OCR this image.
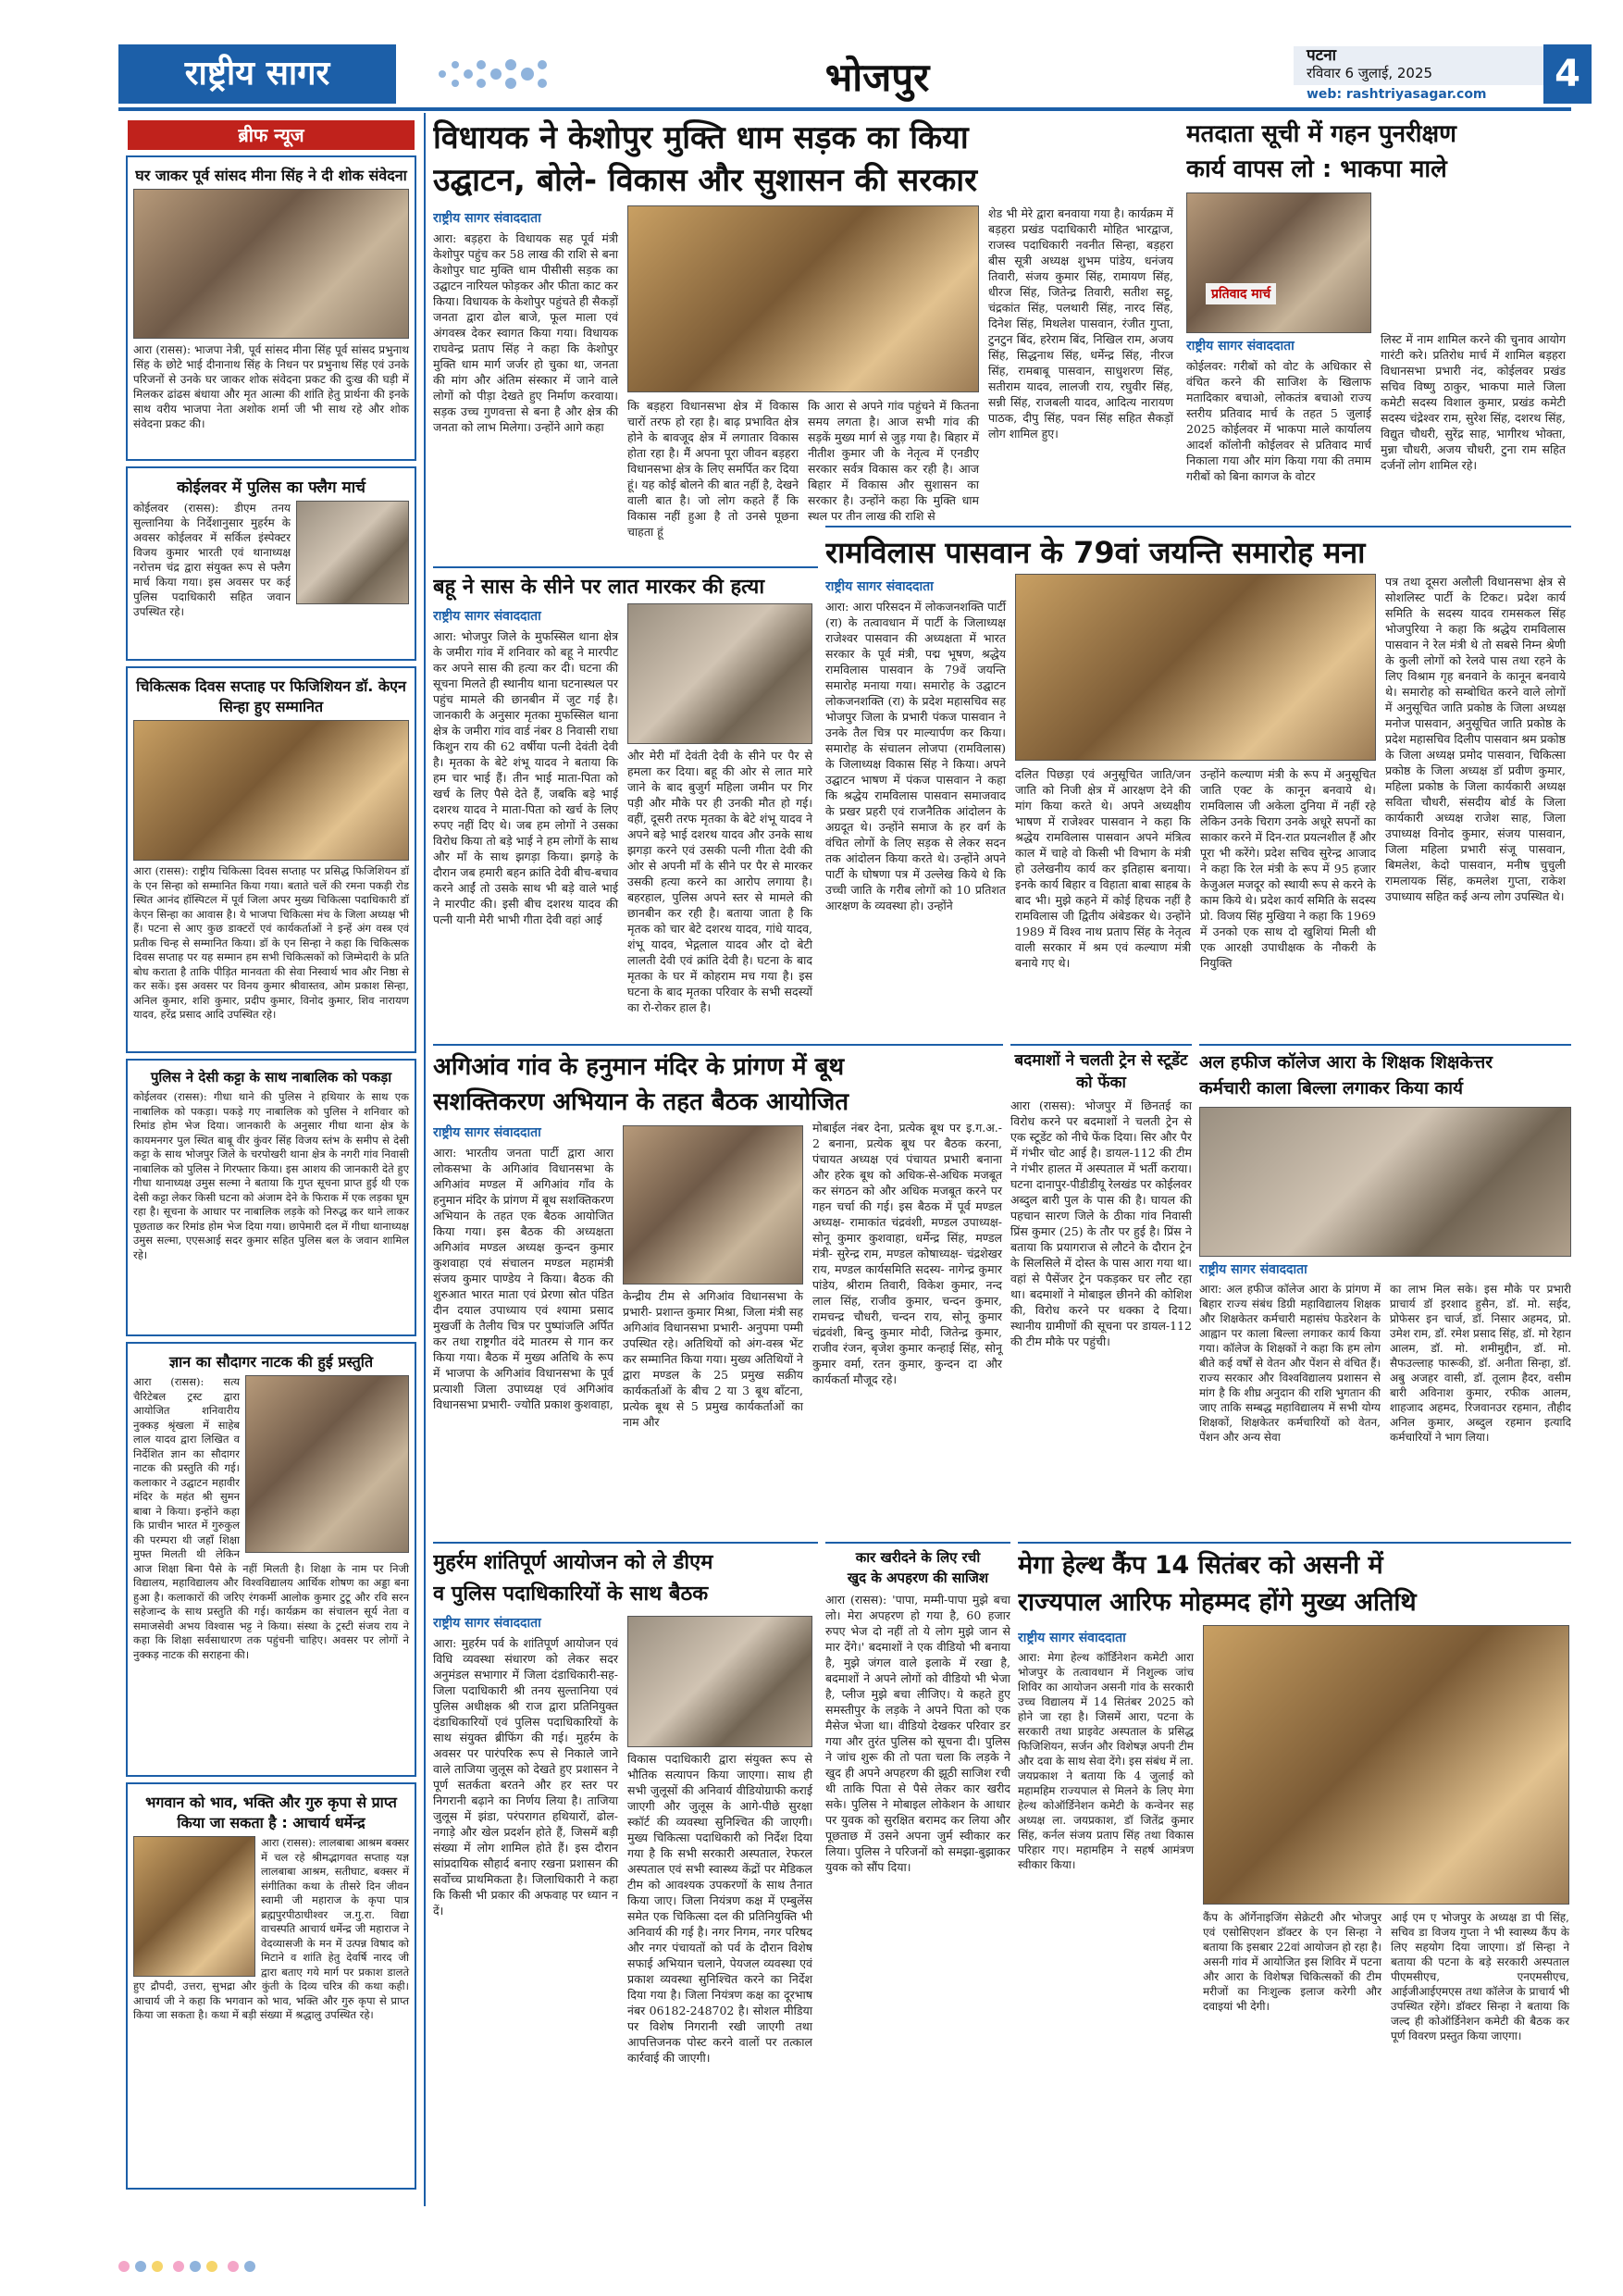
राष्ट्रीय सागर	भोजपुर	पटना
रविवार 6 जुलाई, 2025
web: rashtriyasagar.com	4
ब्रीफ न्यूज
घर जाकर पूर्व सांसद मीना सिंह ने दी शोक संवेदना

आरा (रासस): भाजपा नेत्री, पूर्व सांसद मीना सिंह पूर्व सांसद प्रभुनाथ सिंह के छोटे भाई दीनानाथ सिंह के निधन पर प्रभुनाथ सिंह एवं उनके परिजनों से उनके घर जाकर शोक संवेदना प्रकट की दुःख की घड़ी में मिलकर ढांढस बंधाया और मृत आत्मा की शांति हेतु प्रार्थना की इनके साथ वरीय भाजपा नेता अशोक शर्मा जी भी साथ रहे और शोक संवेदना प्रकट की।

कोईलवर में पुलिस का फ्लैग मार्च

कोईलवर (रासस): डीएम तनय सुल्तानिया के निर्देशानुसार मुहर्रम के अवसर कोईलवर में सर्किल इंस्पेक्टर विजय कुमार भारती एवं थानाध्यक्ष नरोत्तम चंद्र द्वारा संयुक्त रूप से फ्लैग मार्च किया गया। इस अवसर पर कई पुलिस पदाधिकारी सहित जवान उपस्थित रहे।

चिकित्सक दिवस सप्ताह पर फिजिशियन डॉ. केएन सिन्हा हुए सम्मानित

आरा (रासस): राष्ट्रीय चिकित्सा दिवस सप्ताह पर प्रसिद्ध फिजिशियन डॉ के एन सिन्हा को सम्मानित किया गया। बताते चलें की रमना पकड़ी रोड स्थित आनंद हॉस्पिटल में पूर्व जिला अपर मुख्य चिकित्सा पदाधिकारी डॉ केएन सिन्हा का आवास है। ये भाजपा चिकित्सा मंच के जिला अध्यक्ष भी हैं। पटना से आए कुछ डाक्टरों एवं कार्यकर्ताओं ने इन्हें अंग वस्त्र एवं प्रतीक चिन्ह से सम्मानित किया। डॉ के एन सिन्हा ने कहा कि चिकित्सक दिवस सप्ताह पर यह सम्मान हम सभी चिकित्सकों को जिम्मेदारी के प्रति बोध कराता है ताकि पीड़ित मानवता की सेवा निस्वार्थ भाव और निष्ठा से कर सकें। इस अवसर पर विनय कुमार श्रीवास्तव, ओम प्रकाश सिन्हा, अनिल कुमार, शशि कुमार, प्रदीप कुमार, विनोद कुमार, शिव नारायण यादव, हरेंद्र प्रसाद आदि उपस्थित रहे।

पुलिस ने देसी कट्टा के साथ नाबालिक को पकड़ा

कोईलवर (रासस): गीधा थाने की पुलिस ने हथियार के साथ एक नाबालिक को पकड़ा। पकड़े गए नाबालिक को पुलिस ने शनिवार को रिमांड होम भेज दिया। जानकारी के अनुसार गीधा थाना क्षेत्र के कायमनगर पुल स्थित बाबू वीर कुंवर सिंह विजय स्तंभ के समीप से देसी कट्टा के साथ भोजपुर जिले के चरपोखरी थाना क्षेत्र के नगरी गांव निवासी नाबालिक को पुलिस ने गिरफ्तार किया। इस आशय की जानकारी देते हुए गीधा थानाध्यक्ष उमुस सल्मा ने बताया कि गुप्त सूचना प्राप्त हुई थी एक देसी कट्टा लेकर किसी घटना को अंजाम देने के फिराक में एक लड़का घूम रहा है। सूचना के आधार पर नाबालिक लड़के को निरुद्ध कर थाने लाकर पूछताछ कर रिमांड होम भेज दिया गया। छापेमारी दल में गीधा थानाध्यक्ष उमुस सल्मा, एएसआई सदर कुमार सहित पुलिस बल के जवान शामिल रहे।

ज्ञान का सौदागर नाटक की हुई प्रस्तुति

आरा (रासस): सत्य चैरिटेबल ट्रस्ट द्वारा आयोजित शनिवारीय नुक्कड़ श्रृंखला में साहेब लाल यादव द्वारा लिखित व निर्देशित ज्ञान का सौदागर नाटक की प्रस्तुति की गई। कलाकार ने उद्घाटन महावीर मंदिर के महंत श्री सुमन बाबा ने किया। इन्होंने कहा कि प्राचीन भारत में गुरुकुल की परम्परा थी जहाँ शिक्षा मुफ्त मिलती थी लेकिन आज शिक्षा बिना पैसे के नहीं मिलती है। शिक्षा के नाम पर निजी विद्यालय, महाविद्यालय और विश्वविद्यालय आर्थिक शोषण का अड्डा बना हुआ है। कलाकारों की जरिए रंगकर्मी आलोक कुमार टुटू और रवि सरन सहेजान्द के साथ प्रस्तुति की गई। कार्यक्रम का संचालन सूर्य नेता व समाजसेवी अभय विश्वास भट्ट ने किया। संस्था के ट्रस्टी संजय राय ने कहा कि शिक्षा सर्वसाधारण तक पहुंचनी चाहिए। अवसर पर लोगों ने नुक्कड़ नाटक की सराहना की।

भगवान को भाव, भक्ति और गुरु कृपा से प्राप्त किया जा सकता है : आचार्य धर्मेन्द्र

आरा (रासस): लालबाबा आश्रम बक्सर में चल रहे श्रीमद्भागवत सप्ताह यज्ञ लालबाबा आश्रम, सतीघाट, बक्सर में संगीतिका कथा के तीसरे दिन जीवन स्वामी जी महाराज के कृपा पात्र ब्रह्मपुरपीठाधीश्वर ज.गु.रा. विद्या वाचस्पति आचार्य धर्मेन्द्र जी महाराज ने वेदव्यासजी के मन में उत्पन्न विषाद को मिटाने व शांति हेतु देवर्षि नारद जी द्वारा बताए गये मार्ग पर प्रकाश डालते हुए द्रौपदी, उत्तरा, सुभद्रा और कुंती के दिव्य चरित्र की कथा कही। आचार्य जी ने कहा कि भगवान को भाव, भक्ति और गुरु कृपा से प्राप्त किया जा सकता है। कथा में बड़ी संख्या में श्रद्धालु उपस्थित रहे।

विधायक ने केशोपुर मुक्ति धाम सड़क का किया
उद्घाटन, बोले- विकास और सुशासन की सरकार
राष्ट्रीय सागर संवाददाता

आरा: बड़हरा के विधायक सह पूर्व मंत्री केशोपुर पहुंच कर 58 लाख की राशि से बना केशोपुर घाट मुक्ति धाम पीसीसी सड़क का उद्घाटन नारियल फोड़कर और फीता काट कर किया। विधायक के केशोपुर पहुंचते ही सैकड़ों जनता द्वारा ढोल बाजे, फूल माला एवं अंगवस्त्र देकर स्वागत किया गया। विधायक राघवेन्द्र प्रताप सिंह ने कहा कि केशोपुर मुक्ति धाम मार्ग जर्जर हो चुका था, जनता की मांग और अंतिम संस्कार में जाने वाले लोगों को पीड़ा देखते हुए निर्माण करवाया। सड़क उच्च गुणवत्ता से बना है और क्षेत्र की जनता को लाभ मिलेगा। उन्होंने आगे कहा

कि बड़हरा विधानसभा क्षेत्र में विकास चारों तरफ हो रहा है। बाढ़ प्रभावित क्षेत्र होने के बावजूद क्षेत्र में लगातार विकास होता रहा है। मैं अपना पूरा जीवन बड़हरा विधानसभा क्षेत्र के लिए समर्पित कर दिया हूं। यह कोई बोलने की बात नहीं है, देखने वाली बात है। जो लोग कहते हैं कि विकास नहीं हुआ है तो उनसे पूछना चाहता हूं

कि आरा से अपने गांव पहुंचने में कितना समय लगता है। आज सभी गांव की सड़कें मुख्य मार्ग से जुड़ गया है। बिहार में नीतीश कुमार जी के नेतृत्व में एनडीए सरकार सर्वत्र विकास कर रही है। आज बिहार में विकास और सुशासन का सरकार है। उन्होंने कहा कि मुक्ति धाम स्थल पर तीन लाख की राशि से

शेड भी मेरे द्वारा बनवाया गया है। कार्यक्रम में बड़हरा प्रखंड पदाधिकारी मोहित भारद्वाज, राजस्व पदाधिकारी नवनीत सिन्हा, बड़हरा बीस सूत्री अध्यक्ष शुभम पांडेय, धनंजय तिवारी, संजय कुमार सिंह, रामायण सिंह, धीरज सिंह, जितेन्द्र तिवारी, सतीश सट्टू, चंद्रकांत सिंह, पलथारी सिंह, नारद सिंह, दिनेश सिंह, मिथलेश पासवान, रंजीत गुप्ता, टुनटुन बिंद, हरेराम बिंद, निखिल राम, अजय सिंह, सिद्धनाथ सिंह, धर्मेन्द्र सिंह, नीरज सिंह, रामबाबू पासवान, साधुशरण सिंह, सतीराम यादव, लालजी राय, रघुवीर सिंह, सन्नी सिंह, राजबली यादव, आदित्य नारायण पाठक, दीपु सिंह, पवन सिंह सहित सैकड़ों लोग शामिल हुए।

मतदाता सूची में गहन पुनरीक्षण
कार्य वापस लो : भाकपा माले
प्रतिवाद मार्च
राष्ट्रीय सागर संवाददाता

कोईलवर: गरीबों को वोट के अधिकार से वंचित करने की साजिश के खिलाफ मतादिकार बचाओ, लोकतंत्र बचाओ राज्य स्तरीय प्रतिवाद मार्च के तहत 5 जुलाई 2025 कोईलवर में भाकपा माले कार्यालय आदर्श कॉलोनी कोईलवर से प्रतिवाद मार्च निकाला गया और मांग किया गया की तमाम गरीबों को बिना कागज के वोटर

लिस्ट में नाम शामिल करने की चुनाव आयोग गारंटी करे। प्रतिरोध मार्च में शामिल बड़हरा विधानसभा प्रभारी नंद, कोईलवर प्रखंड सचिव विष्णु ठाकुर, भाकपा माले जिला कमेटी सदस्य विशाल कुमार, प्रखंड कमेटी सदस्य चंद्रेश्वर राम, सुरेश सिंह, दशरथ सिंह, विद्युत चौधरी, सुरेंद्र साह, भागीरथ भोक्ता, मुन्ना चौधरी, अजय चौधरी, टुना राम सहित दर्जनों लोग शामिल रहे।

बहू ने सास के सीने पर लात मारकर की हत्या
राष्ट्रीय सागर संवाददाता

आरा: भोजपुर जिले के मुफस्सिल थाना क्षेत्र के जमीरा गांव में शनिवार को बहू ने मारपीट कर अपने सास की हत्या कर दी। घटना की सूचना मिलते ही स्थानीय थाना घटनास्थल पर पहुंच मामले की छानबीन में जुट गई है। जानकारी के अनुसार मृतका मुफस्सिल थाना क्षेत्र के जमीरा गांव वार्ड नंबर 8 निवासी राधा किशुन राय की 62 वर्षीया पत्नी देवंती देवी है। मृतका के बेटे शंभू यादव ने बताया कि हम चार भाई हैं। तीन भाई माता-पिता को खर्च के लिए पैसे देते हैं, जबकि बड़े भाई दशरथ यादव ने माता-पिता को खर्च के लिए रुपए नहीं दिए थे। जब हम लोगों ने उसका विरोध किया तो बड़े भाई ने हम लोगों के साथ और माँ के साथ झगड़ा किया। झगड़े के दौरान जब हमारी बहन क्रांति देवी बीच-बचाव करने आईं तो उसके साथ भी बड़े वाले भाई ने मारपीट की। इसी बीच दशरथ यादव की पत्नी यानी मेरी भाभी गीता देवी वहां आई

और मेरी माँ देवंती देवी के सीने पर पैर से हमला कर दिया। बहू की ओर से लात मारे जाने के बाद बुजुर्ग महिला जमीन पर गिर पड़ी और मौके पर ही उनकी मौत हो गई। वहीं, दूसरी तरफ मृतका के बेटे शंभू यादव ने अपने बड़े भाई दशरथ यादव और उनके साथ झगड़ा करने एवं उसकी पत्नी गीता देवी की ओर से अपनी माँ के सीने पर पैर से मारकर उसकी हत्या करने का आरोप लगाया है। बहरहाल, पुलिस अपने स्तर से मामले की छानबीन कर रही है। बताया जाता है कि मृतक को चार बेटे दशरथ यादव, गांधे यादव, शंभू यादव, भेद्गलाल यादव और दो बेटी लालती देवी एवं क्रांति देवी है। घटना के बाद मृतका के घर में कोहराम मच गया है। इस घटना के बाद मृतका परिवार के सभी सदस्यों का रो-रोकर हाल है।

रामविलास पासवान के 79वां जयन्ति समारोह मना
राष्ट्रीय सागर संवाददाता

आरा: आरा परिसदन में लोकजनशक्ति पार्टी (रा) के तत्वावधान में पार्टी के जिलाध्यक्ष राजेश्वर पासवान की अध्यक्षता में भारत सरकार के पूर्व मंत्री, पद्म भूषण, श्रद्धेय रामविलास पासवान के 79वें जयन्ति समारोह मनाया गया। समारोह के उद्घाटन लोकजनशक्ति (रा) के प्रदेश महासचिव सह भोजपुर जिला के प्रभारी पंकज पासवान ने उनके तैल चित्र पर माल्यार्पण कर किया। समारोह के संचालन लोजपा (रामविलास) के जिलाध्यक्ष विकास सिंह ने किया। अपने उद्घाटन भाषण में पंकज पासवान ने कहा कि श्रद्धेय रामविलास पासवान समाजवाद के प्रखर प्रहरी एवं राजनैतिक आंदोलन के अग्रदूत थे। उन्होंने समाज के हर वर्ग के वंचित लोगों के लिए सड़क से लेकर सदन तक आंदोलन किया करते थे। उन्होंने अपने पार्टी के घोषणा पत्र में उल्लेख किये थे कि उच्ची जाति के गरीब लोगों को 10 प्रतिशत आरक्षण के व्यवस्था हो। उन्होंने

दलित पिछड़ा एवं अनुसूचित जाति/जन जाति को निजी क्षेत्र में आरक्षण देने की मांग किया करते थे। अपने अध्यक्षीय भाषण में राजेश्वर पासवान ने कहा कि श्रद्धेय रामविलास पासवान अपने मंत्रित्व काल में चाहे वो किसी भी विभाग के मंत्री हो उलेखनीय कार्य कर इतिहास बनाया। इनके कार्य बिहार व विहाता बाबा साहब के बाद भी। मुझे कहने में कोई हिचक नहीं है रामविलास जी द्वितीय अंबेडकर थे। उन्होंने 1989 में विश्व नाथ प्रताप सिंह के नेतृत्व वाली सरकार में श्रम एवं कल्याण मंत्री बनाये गए थे।

उन्होंने कल्याण मंत्री के रूप में अनुसूचित जाति एक्ट के कानून बनवाये थे। रामविलास जी अकेला दुनिया में नहीं रहे लेकिन उनके चिराग उनके अधूरे सपनों का साकार करने में दिन-रात प्रयत्नशील हैं और पूरा भी करेंगे। प्रदेश सचिव सुरेन्द्र आजाद ने कहा कि रेल मंत्री के रूप में 95 हजार केजुअल मजदूर को स्थायी रूप से करने के काम किये थे। प्रदेश कार्य समिति के सदस्य प्रो. विजय सिंह मुखिया ने कहा कि 1969 में उनको एक साथ दो खुशियां मिली थी एक आरक्षी उपाधीक्षक के नौकरी के नियुक्ति

पत्र तथा दूसरा अलौली विधानसभा क्षेत्र से सोशलिस्ट पार्टी के टिकट। प्रदेश कार्य समिति के सदस्य यादव रामसकल सिंह भोजपुरिया ने कहा कि श्रद्धेय रामविलास पासवान ने रेल मंत्री थे तो सबसे निम्न श्रेणी के कुली लोगों को रेलवे पास तथा रहने के लिए विश्राम गृह बनवाने के कानून बनवाये थे। समारोह को सम्बोधित करने वाले लोगों में अनुसूचित जाति प्रकोष्ठ के जिला अध्यक्ष मनोज पासवान, अनुसूचित जाति प्रकोष्ठ के प्रदेश महासचिव दिलीप पासवान श्रम प्रकोष्ठ के जिला अध्यक्ष प्रमोद पासवान, चिकित्सा प्रकोष्ठ के जिला अध्यक्ष डॉ प्रवीण कुमार, महिला प्रकोष्ठ के जिला कार्यकारी अध्यक्ष सविता चौधरी, संसदीय बोर्ड के जिला कार्यकारी अध्यक्ष राजेश साह, जिला उपाध्यक्ष विनोद कुमार, संजय पासवान, जिला महिला प्रभारी संजू पासवान, बिमलेश, केदो पासवान, मनीष चुचुली रामलायक सिंह, कमलेश गुप्ता, राकेश उपाध्याय सहित कई अन्य लोग उपस्थित थे।

अगिआंव गांव के हनुमान मंदिर के प्रांगण में बूथ
सशक्तिकरण अभियान के तहत बैठक आयोजित
राष्ट्रीय सागर संवाददाता

आरा: भारतीय जनता पार्टी द्वारा आरा लोकसभा के अगिआंव विधानसभा के अगिआंव मण्डल में अगिआंव गाँव के हनुमान मंदिर के प्रांगण में बूथ सशक्तिकरण अभियान के तहत एक बैठक आयोजित किया गया। इस बैठक की अध्यक्षता अगिआंव मण्डल अध्यक्ष कुन्दन कुमार कुशवाहा एवं संचालन मण्डल महामंत्री संजय कुमार पाण्डेय ने किया। बैठक की शुरुआत भारत माता एवं प्रेरणा स्रोत पंडित दीन दयाल उपाध्याय एवं श्यामा प्रसाद मुखर्जी के तैलीय चित्र पर पुष्पांजलि अर्पित कर तथा राष्ट्रगीत वंदे मातरम से गान कर किया गया। बैठक में मुख्य अतिथि के रूप में भाजपा के अगिआंव विधानसभा के पूर्व प्रत्याशी जिला उपाध्यक्ष एवं अगिआंव विधानसभा प्रभारी- ज्योति प्रकाश कुशवाहा,

केन्द्रीय टीम से अगिआंव विधानसभा के प्रभारी- प्रशान्त कुमार मिश्रा, जिला मंत्री सह अगिआंव विधानसभा प्रभारी- अनुपमा पम्मी उपस्थित रहे। अतिथियों को अंग-वस्त्र भेंट कर सम्मानित किया गया। मुख्य अतिथियों ने द्वारा मण्डल के 25 प्रमुख सक्रीय कार्यकर्ताओं के बीच 2 या 3 बूथ बाँटना, प्रत्येक बूथ से 5 प्रमुख कार्यकर्ताओं का नाम और

मोबाईल नंबर देना, प्रत्येक बूथ पर इ.ग.अ.- 2 बनाना, प्रत्येक बूथ पर बैठक करना, पंचायत अध्यक्ष एवं पंचायत प्रभारी बनाना और हरेक बूथ को अधिक-से-अधिक मजबूत कर संगठन को और अधिक मजबूत करने पर गहन चर्चा की गई। इस बैठक में पूर्व मण्डल अध्यक्ष- रामाकांत चंद्रवंशी, मण्डल उपाध्यक्ष- सोनू कुमार कुशवाहा, धर्मेन्द्र सिंह, मण्डल मंत्री- सुरेन्द्र राम, मण्डल कोषाध्यक्ष- चंद्रशेखर राय, मण्डल कार्यसमिति सदस्य- नागेन्द्र कुमार पांडेय, श्रीराम तिवारी, विकेश कुमार, नन्द लाल सिंह, राजीव कुमार, चन्दन कुमार, रामचन्द्र चौधरी, चन्दन राय, सोनू कुमार चंद्रवंशी, बिन्दु कुमार मोदी, जितेन्द्र कुमार, राजीव रंजन, बृजेश कुमार कन्हाई सिंह, सोनू कुमार वर्मा, रतन कुमार, कुन्दन दा और कार्यकर्ता मौजूद रहे।

बदमाशों ने चलती ट्रेन से स्टूडेंट को फेंका

आरा (रासस): भोजपुर में छिनतई का विरोध करने पर बदमाशों ने चलती ट्रेन से एक स्टूडेंट को नीचे फेंक दिया। सिर और पैर में गंभीर चोट आई है। डायल-112 की टीम ने गंभीर हालत में अस्पताल में भर्ती कराया। घटना दानापुर-पीडीडीयू रेलखंड पर कोईलवर अब्दुल बारी पुल के पास की है। घायल की पहचान सारण जिले के ठीका गांव निवासी प्रिंस कुमार (25) के तौर पर हुई है। प्रिंस ने बताया कि प्रयागराज से लौटने के दौरान ट्रेन के सिलसिले में दोस्त के पास आरा गया था। वहां से पैसेंजर ट्रेन पकड़कर घर लौट रहा था। बदमाशों ने मोबाइल छीनने की कोशिश की, विरोध करने पर धक्का दे दिया। स्थानीय ग्रामीणों की सूचना पर डायल-112 की टीम मौके पर पहुंची।

अल हफीज कॉलेज आरा के शिक्षक शिक्षकेत्तर
कर्मचारी काला बिल्ला लगाकर किया कार्य
राष्ट्रीय सागर संवाददाता

आरा: अल हफीज कॉलेज आरा के प्रांगण में बिहार राज्य संबंध डिग्री महाविद्यालय शिक्षक और शिक्षकेतर कर्मचारी महासंघ फेडरेशन के आह्वान पर काला बिल्ला लगाकर कार्य किया गया। कॉलेज के शिक्षकों ने कहा कि हम लोग बीते कई वर्षों से वेतन और पेंशन से वंचित हैं। राज्य सरकार और विश्वविद्यालय प्रशासन से मांग है कि शीघ्र अनुदान की राशि भुगतान की जाए ताकि सम्बद्ध महाविद्यालय में सभी योग्य शिक्षकों, शिक्षकेतर कर्मचारियों को वेतन, पेंशन और अन्य सेवा

का लाभ मिल सके। इस मौके पर प्रभारी प्राचार्य डॉ इरशाद हुसैन, डॉ. मो. सईद, प्रोफेसर इन चार्ज, डॉ. निसार अहमद, प्रो. उमेश राम, डॉ. रमेश प्रसाद सिंह, डॉ. मो रेहान आलम, डॉ. मो. शमीमुद्दीन, डॉ. मो. सैफउल्लाह फारूकी, डॉ. अनीता सिन्हा, डॉ. अबु अजहर वासी, डॉ. तूलाम हैदर, वसीम बारी अविनाश कुमार, रफीक आलम, शाहजाद अहमद, रिजवानउर रहमान, तौहीद अनिल कुमार, अब्दुल रहमान इत्यादि कर्मचारियों ने भाग लिया।

मुहर्रम शांतिपूर्ण आयोजन को ले डीएम
व पुलिस पदाधिकारियों के साथ बैठक
राष्ट्रीय सागर संवाददाता

आरा: मुहर्रम पर्व के शांतिपूर्ण आयोजन एवं विधि व्यवस्था संधारण को लेकर सदर अनुमंडल सभागार में जिला दंडाधिकारी-सह-जिला पदाधिकारी श्री तनय सुल्तानिया एवं पुलिस अधीक्षक श्री राज द्वारा प्रतिनियुक्त दंडाधिकारियों एवं पुलिस पदाधिकारियों के साथ संयुक्त ब्रीफिंग की गई। मुहर्रम के अवसर पर पारंपरिक रूप से निकाले जाने वाले ताजिया जुलूस को देखते हुए प्रशासन ने पूर्ण सतर्कता बरतने और हर स्तर पर निगरानी बढ़ाने का निर्णय लिया है। ताजिया जुलूस में झंडा, परंपरागत हथियारों, ढोल-नगाड़े और खेल प्रदर्शन होते हैं, जिसमें बड़ी संख्या में लोग शामिल होते हैं। इस दौरान सांप्रदायिक सौहार्द बनाए रखना प्रशासन की सर्वोच्च प्राथमिकता है। जिलाधिकारी ने कहा कि किसी भी प्रकार की अफवाह पर ध्यान न दें।

विकास पदाधिकारी द्वारा संयुक्त रूप से भौतिक सत्यापन किया जाएगा। साथ ही सभी जुलूसों की अनिवार्य वीडियोग्राफी कराई जाएगी और जुलूस के आगे-पीछे सुरक्षा स्कॉर्ट की व्यवस्था सुनिश्चित की जाएगी। मुख्य चिकित्सा पदाधिकारी को निर्देश दिया गया है कि सभी सरकारी अस्पताल, रेफरल अस्पताल एवं सभी स्वास्थ्य केंद्रों पर मेडिकल टीम को आवश्यक उपकरणों के साथ तैनात किया जाए। जिला नियंत्रण कक्ष में एम्बुलेंस समेत एक चिकित्सा दल की प्रतिनियुक्ति भी अनिवार्य की गई है। नगर निगम, नगर परिषद और नगर पंचायतों को पर्व के दौरान विशेष सफाई अभियान चलाने, पेयजल व्यवस्था एवं प्रकाश व्यवस्था सुनिश्चित करने का निर्देश दिया गया है। जिला नियंत्रण कक्ष का दूरभाष नंबर 06182-248702 है। सोशल मीडिया पर विशेष निगरानी रखी जाएगी तथा आपत्तिजनक पोस्ट करने वालों पर तत्काल कार्रवाई की जाएगी।

कार खरीदने के लिए रची
खुद के अपहरण की साजिश

आरा (रासस): 'पापा, मम्मी-पापा मुझे बचा लो। मेरा अपहरण हो गया है, 60 हजार रुपए भेज दो नहीं तो ये लोग मुझे जान से मार देंगे।' बदमाशों ने एक वीडियो भी बनाया है, मुझे जंगल वाले इलाके में रखा है, बदमाशों ने अपने लोगों को वीडियो भी भेजा है, प्लीज मुझे बचा लीजिए। ये कहते हुए समस्तीपुर के लड़के ने अपने पिता को एक मैसेज भेजा था। वीडियो देखकर परिवार डर गया और तुरंत पुलिस को सूचना दी। पुलिस ने जांच शुरू की तो पता चला कि लड़के ने खुद ही अपने अपहरण की झूठी साजिश रची थी ताकि पिता से पैसे लेकर कार खरीद सके। पुलिस ने मोबाइल लोकेशन के आधार पर युवक को सुरक्षित बरामद कर लिया और पूछताछ में उसने अपना जुर्म स्वीकार कर लिया। पुलिस ने परिजनों को समझा-बुझाकर युवक को सौंप दिया।

मेगा हेल्थ कैंप 14 सितंबर को असनी में
राज्यपाल आरिफ मोहम्मद होंगे मुख्य अतिथि
राष्ट्रीय सागर संवाददाता

आरा: मेगा हेल्थ कॉर्डिनेशन कमेटी आरा भोजपुर के तत्वावधान में निशुल्क जांच शिविर का आयोजन असनी गांव के सरकारी उच्च विद्यालय में 14 सितंबर 2025 को होने जा रहा है। जिसमें आरा, पटना के सरकारी तथा प्राइवेट अस्पताल के प्रसिद्ध फिजिशियन, सर्जन और विशेषज्ञ अपनी टीम और दवा के साथ सेवा देंगे। इस संबंध में ला. जयप्रकाश ने बताया कि 4 जुलाई को महामहिम राज्यपाल से मिलने के लिए मेगा हेल्थ कोऑर्डिनेशन कमेटी के कन्वेनर सह अध्यक्ष ला. जयप्रकाश, डॉ जितेंद्र कुमार सिंह, कर्नल संजय प्रताप सिंह तथा विकास परिहार गए। महामहिम ने सहर्ष आमंत्रण स्वीकार किया।

कैंप के ऑर्गेनाइजिंग सेक्रेटरी और भोजपुर एवं एसोसिएशन डॉक्टर के एन सिन्हा ने बताया कि इसबार 22वां आयोजन हो रहा है। असनी गांव में आयोजित इस शिविर में पटना और आरा के विशेषज्ञ चिकित्सकों की टीम मरीजों का निःशुल्क इलाज करेगी और दवाइयां भी देगी।

आई एम ए भोजपुर के अध्यक्ष डा पी सिंह, सचिव डा विजय गुप्ता ने भी स्वास्थ्य कैंप के लिए सहयोग दिया जाएगा। डॉ सिन्हा ने बताया की पटना के बड़े सरकारी अस्पताल पीएमसीएच, एनएमसीएच, आईजीआईएमएस तथा कॉलेज के प्राचार्य भी उपस्थित रहेंगे। डॉक्टर सिन्हा ने बताया कि जल्द ही कोऑर्डिनेशन कमेटी की बैठक कर पूर्ण विवरण प्रस्तुत किया जाएगा।
